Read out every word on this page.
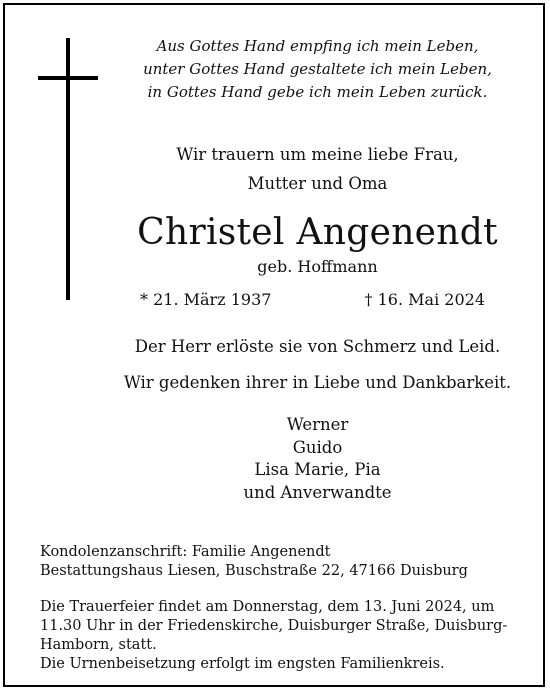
Aus Gottes Hand empfing ich mein Leben,
unter Gottes Hand gestaltete ich mein Leben,
in Gottes Hand gebe ich mein Leben zurück.
Wir trauern um meine liebe Frau,
Mutter und Oma
Christel Angenendt
geb. Hoffmann
* 21. März 1937	† 16. Mai 2024
Der Herr erlöste sie von Schmerz und Leid.
Wir gedenken ihrer in Liebe und Dankbarkeit.
Werner
Guido
Lisa Marie, Pia
und Anverwandte
Kondolenzanschrift: Familie Angenendt
Bestattungshaus Liesen, Buschstraße 22, 47166 Duisburg
Die Trauerfeier findet am Donnerstag, dem 13. Juni 2024, um
11.30 Uhr in der Friedenskirche, Duisburger Straße, Duisburg-
Hamborn, statt.
Die Urnenbeisetzung erfolgt im engsten Familienkreis.
